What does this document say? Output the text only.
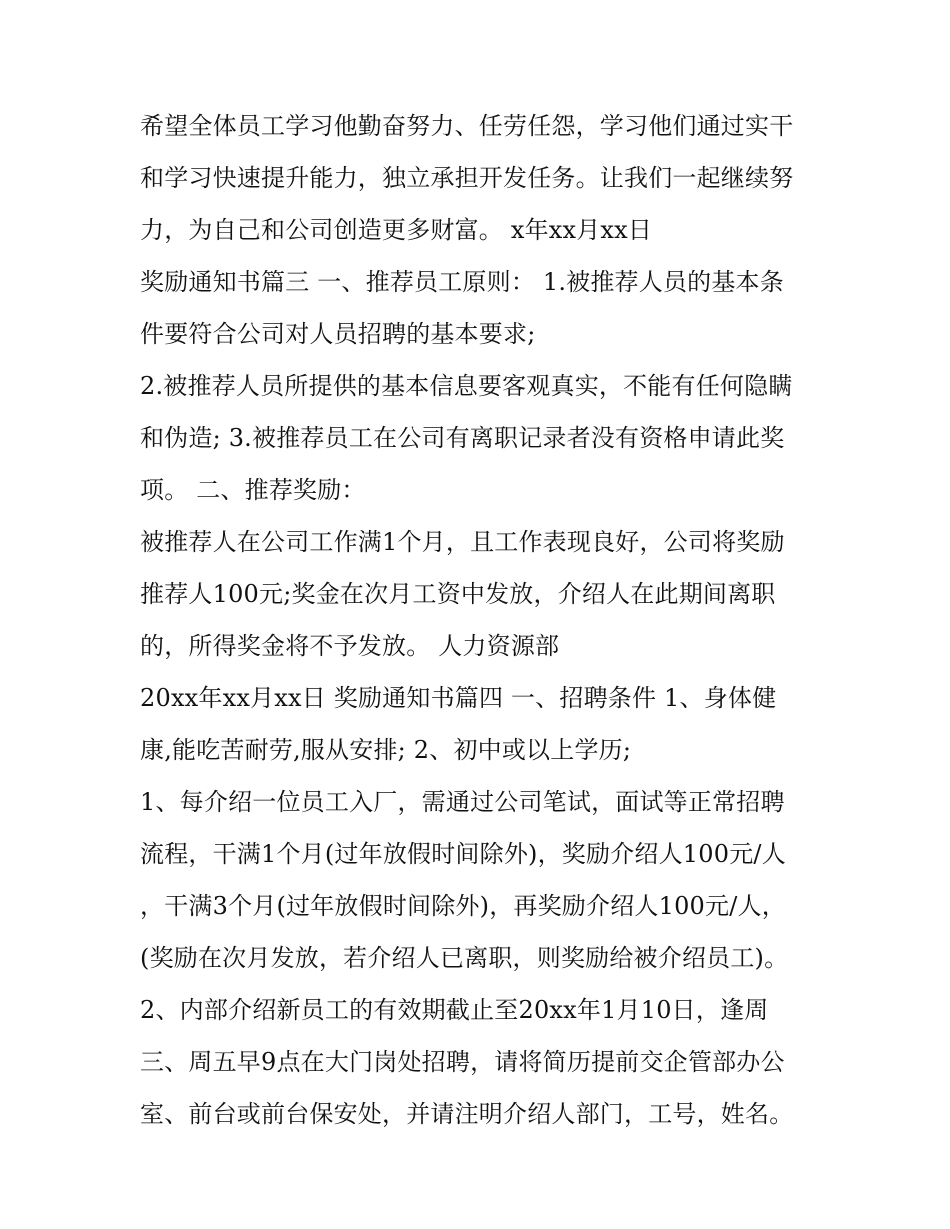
希望全体员工学习他勤奋努力、任劳任怨，学习他们通过实干
和学习快速提升能力，独立承担开发任务。让我们一起继续努
力，为自己和公司创造更多财富。 x年xx月xx日
奖励通知书篇三 一、推荐员工原则： 1.被推荐人员的基本条
件要符合公司对人员招聘的基本要求;
2.被推荐人员所提供的基本信息要客观真实，不能有任何隐瞒
和伪造; 3.被推荐员工在公司有离职记录者没有资格申请此奖
项。 二、推荐奖励：
被推荐人在公司工作满1个月，且工作表现良好，公司将奖励
推荐人100元;奖金在次月工资中发放，介绍人在此期间离职
的，所得奖金将不予发放。 人力资源部
20xx年xx月xx日 奖励通知书篇四 一、招聘条件 1、身体健
康,能吃苦耐劳,服从安排; 2、初中或以上学历;
1、每介绍一位员工入厂，需通过公司笔试，面试等正常招聘
流程，干满1个月(过年放假时间除外)，奖励介绍人100元/人
，干满3个月(过年放假时间除外)，再奖励介绍人100元/人，
(奖励在次月发放，若介绍人已离职，则奖励给被介绍员工)。
2、内部介绍新员工的有效期截止至20xx年1月10日，逢周
三、周五早9点在大门岗处招聘，请将简历提前交企管部办公
室、前台或前台保安处，并请注明介绍人部门，工号，姓名。
